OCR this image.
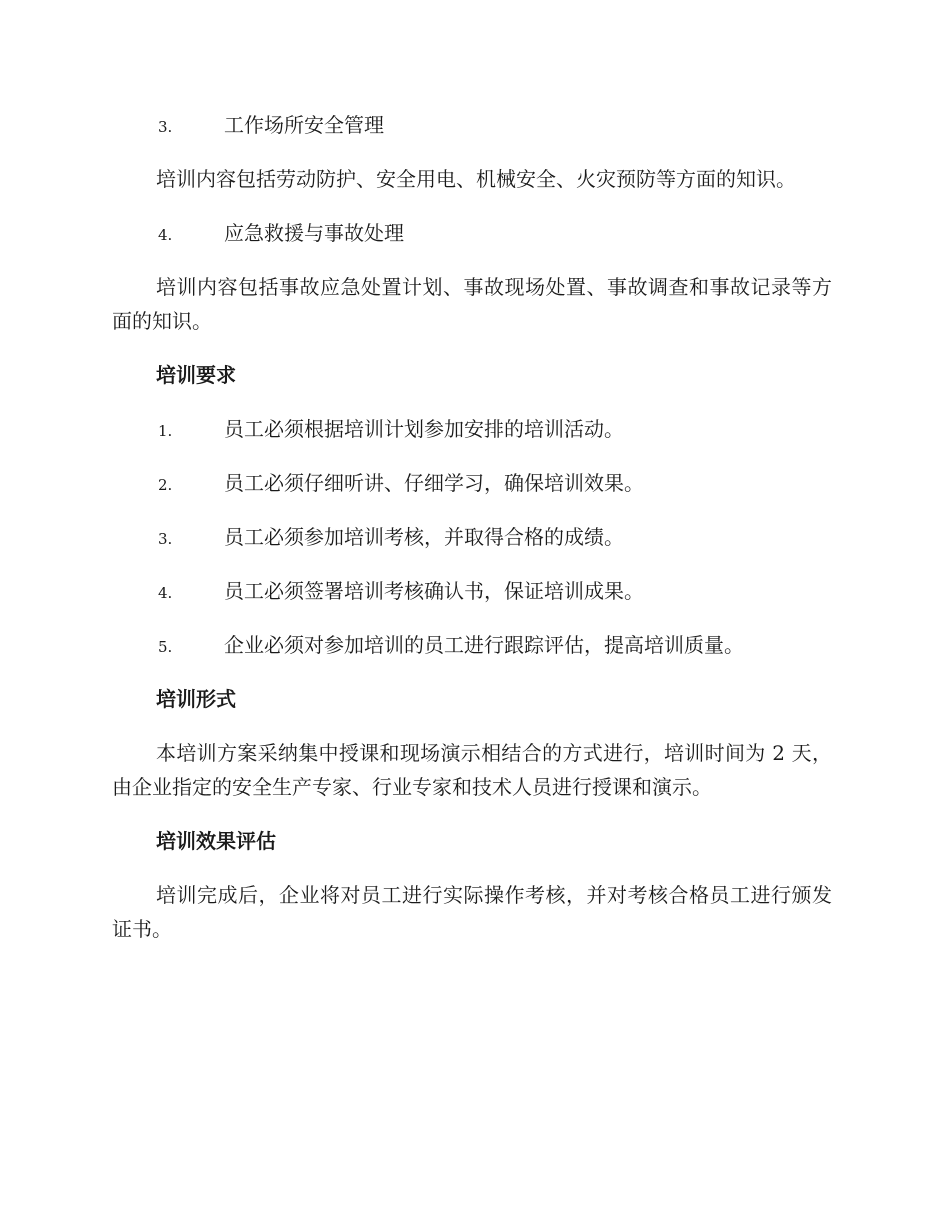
3.	工作场所安全管理

培训内容包括劳动防护、安全用电、机械安全、火灾预防等方面的知识。

4.	应急救援与事故处理

培训内容包括事故应急处置计划、事故现场处置、事故调查和事故记录等方面的知识。

培训要求
1.	员工必须根据培训计划参加安排的培训活动。
2.	员工必须仔细听讲、仔细学习，确保培训效果。
3.	员工必须参加培训考核，并取得合格的成绩。
4.	员工必须签署培训考核确认书，保证培训成果。
5.	企业必须对参加培训的员工进行跟踪评估，提高培训质量。
培训形式

本培训方案采纳集中授课和现场演示相结合的方式进行，培训时间为 2 天，由企业指定的安全生产专家、行业专家和技术人员进行授课和演示。

培训效果评估

培训完成后，企业将对员工进行实际操作考核，并对考核合格员工进行颁发证书。
